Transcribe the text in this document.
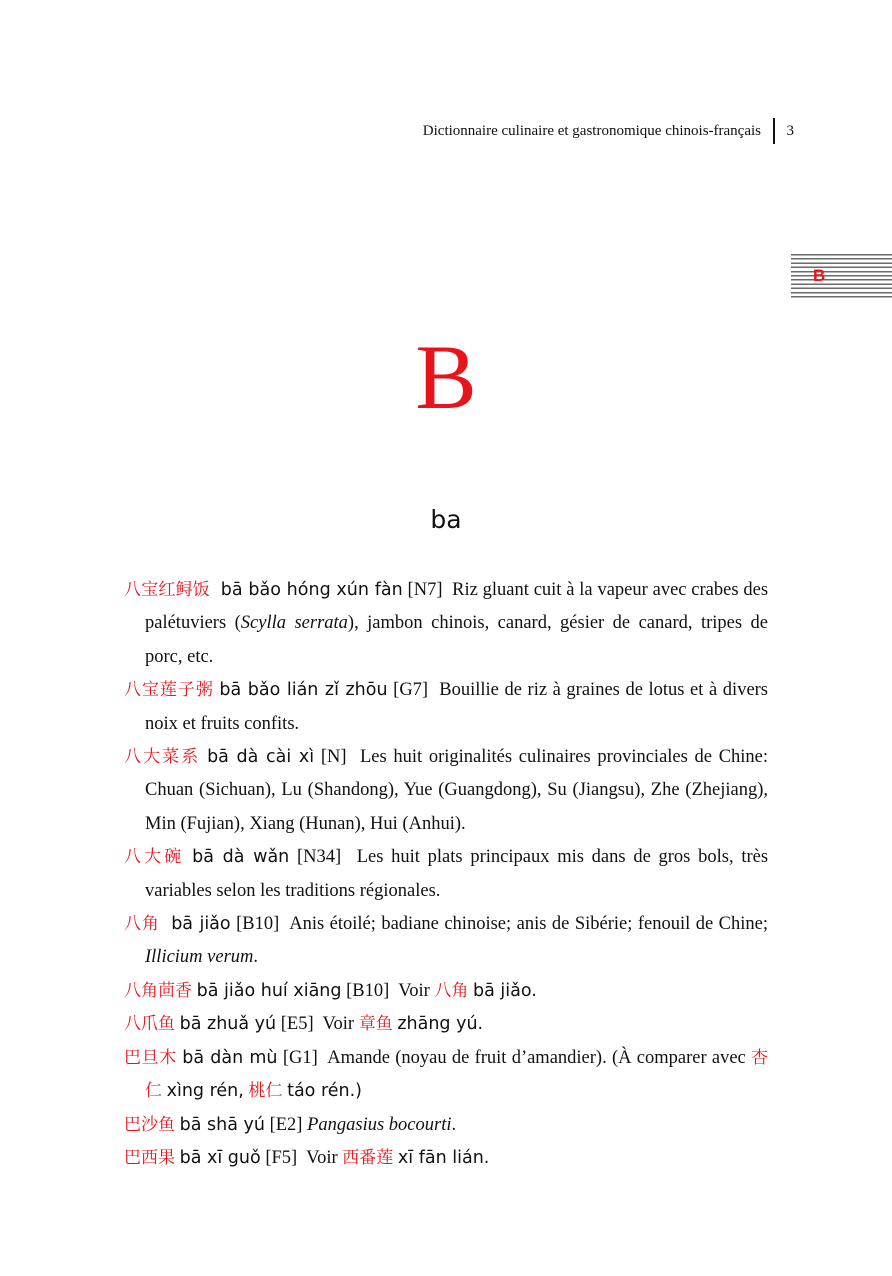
Dictionnaire culinaire et gastronomique chinois-français 3
B
B
ba
八宝红鲟饭 bā bǎo hóng xún fàn [N7] Riz gluant cuit à la vapeur avec crabes des palétuviers (Scylla serrata), jambon chinois, canard, gésier de canard, tripes de porc, etc.
八宝莲子粥 bā bǎo lián zǐ zhōu [G7] Bouillie de riz à graines de lotus et à divers noix et fruits confits.
八大菜系 bā dà cài xì [N] Les huit originalités culinaires provinciales de Chine: Chuan (Sichuan), Lu (Shandong), Yue (Guangdong), Su (Jiangsu), Zhe (Zhejiang), Min (Fujian), Xiang (Hunan), Hui (Anhui).
八大碗 bā dà wǎn [N34] Les huit plats principaux mis dans de gros bols, très variables selon les traditions régionales.
八角 bā jiǎo [B10] Anis étoilé; badiane chinoise; anis de Sibérie; fenouil de Chine; Illicium verum.
八角茴香 bā jiǎo huí xiāng [B10] Voir 八角 bā jiǎo.
八爪鱼 bā zhuǎ yú [E5] Voir 章鱼 zhāng yú.
巴旦木 bā dàn mù [G1] Amande (noyau de fruit d’amandier). (À comparer avec 杏仁 xìng rén, 桃仁 táo rén.)
巴沙鱼 bā shā yú [E2] Pangasius bocourti.
巴西果 bā xī guǒ [F5] Voir 西番莲 xī fān lián.
